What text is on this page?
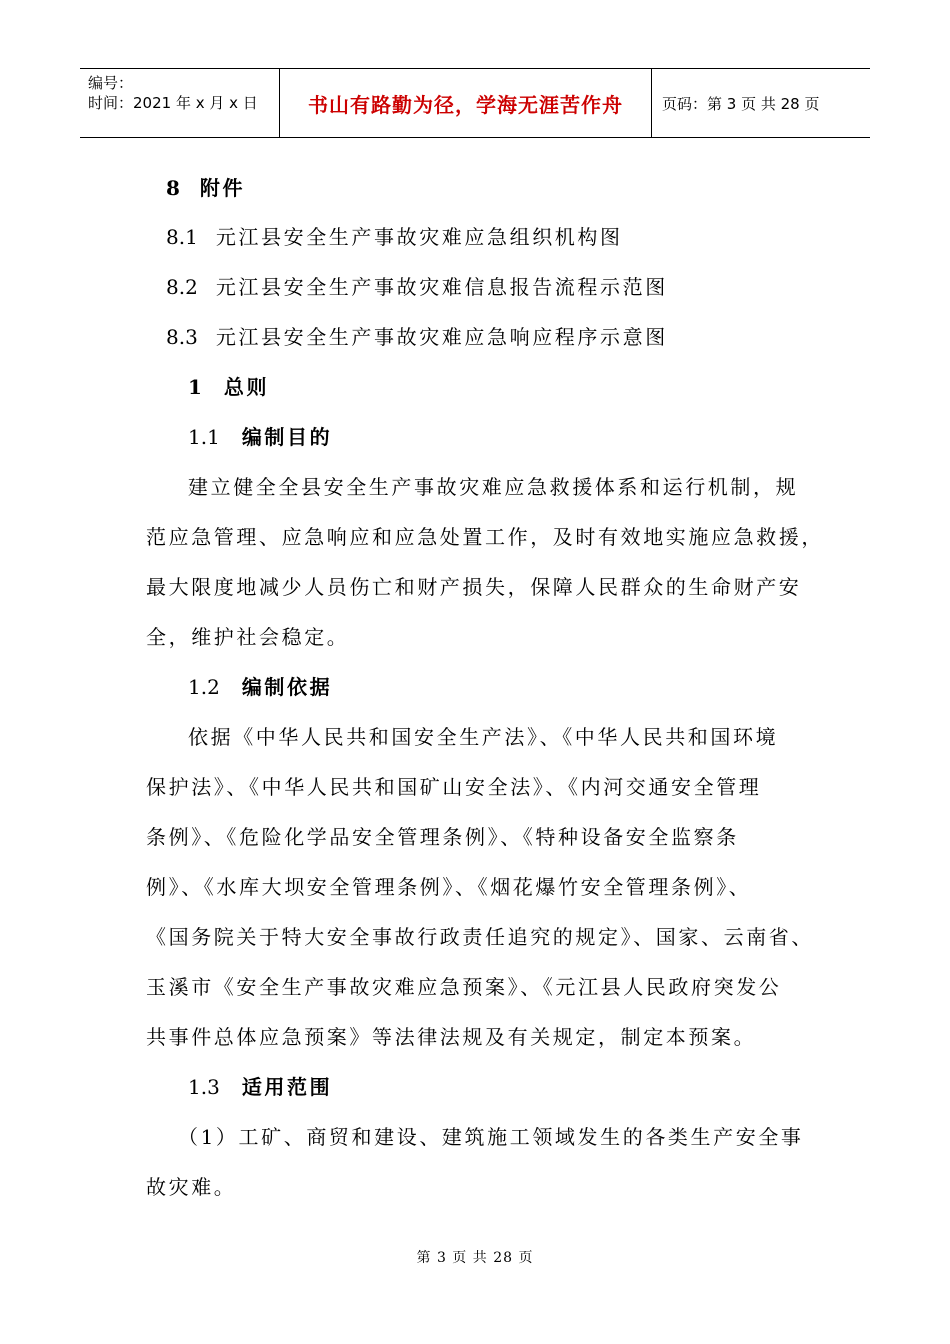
编号：
时间：2021 年 x 月 x 日	书山有路勤为径，学海无涯苦作舟	页码：第 3 页 共 28 页
8 附件
8.1 元江县安全生产事故灾难应急组织机构图
8.2 元江县安全生产事故灾难信息报告流程示范图
8.3 元江县安全生产事故灾难应急响应程序示意图
1 总则
1.1 编制目的
建立健全全县安全生产事故灾难应急救援体系和运行机制，规
范应急管理、应急响应和应急处置工作，及时有效地实施应急救援，
最大限度地减少人员伤亡和财产损失，保障人民群众的生命财产安
全，维护社会稳定。
1.2 编制依据
依据《中华人民共和国安全生产法》、《中华人民共和国环境
保护法》、《中华人民共和国矿山安全法》、《内河交通安全管理
条例》、《危险化学品安全管理条例》、《特种设备安全监察条
例》、《水库大坝安全管理条例》、《烟花爆竹安全管理条例》、
《国务院关于特大安全事故行政责任追究的规定》、国家、云南省、
玉溪市《安全生产事故灾难应急预案》、《元江县人民政府突发公
共事件总体应急预案》等法律法规及有关规定，制定本预案。
1.3 适用范围
（1）工矿、商贸和建设、建筑施工领域发生的各类生产安全事
故灾难。
第 3 页 共 28 页
